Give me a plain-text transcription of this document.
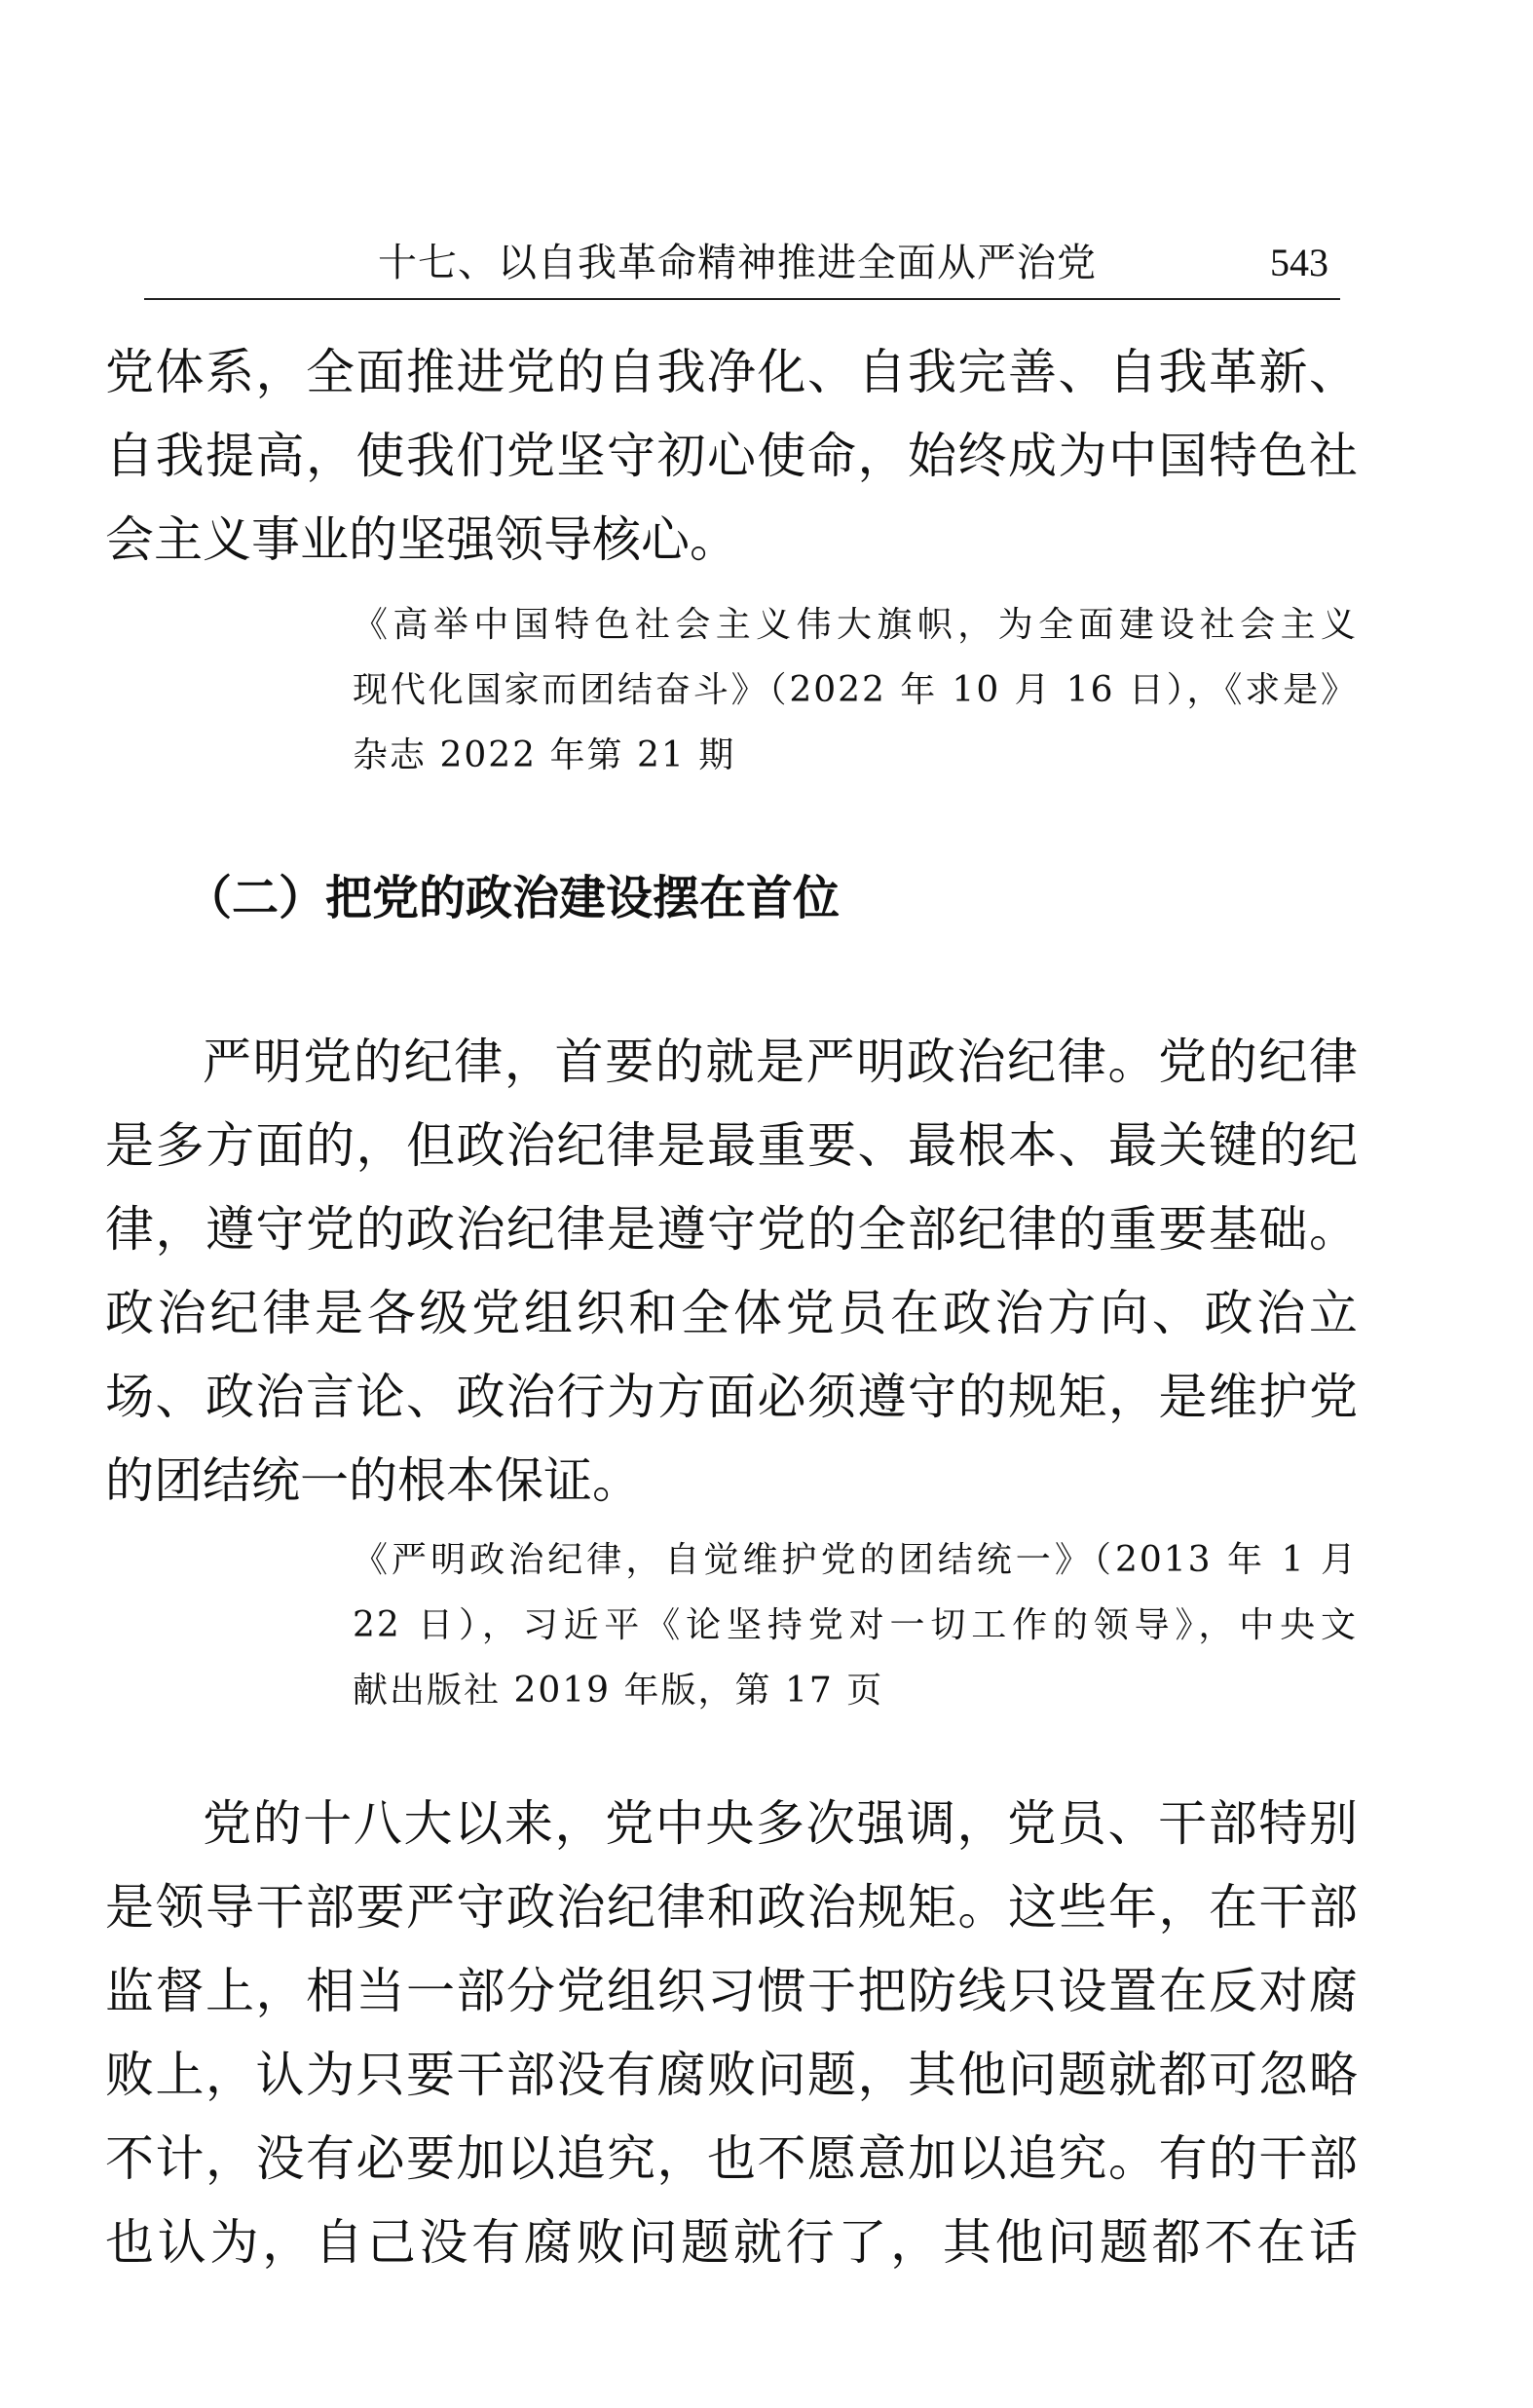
十七、以自我革命精神推进全面从严治党	543
党体系，全面推进党的自我净化、自我完善、自我革新、
自我提高，使我们党坚守初心使命，始终成为中国特色社
会主义事业的坚强领导核心。
《高举中国特色社会主义伟大旗帜，为全面建设社会主义
现代化国家而团结奋斗》（2022 年 10 月 16 日），《求是》
杂志 2022 年第 21 期
（二）把党的政治建设摆在首位
严明党的纪律，首要的就是严明政治纪律。党的纪律
是多方面的，但政治纪律是最重要、最根本、最关键的纪
律，遵守党的政治纪律是遵守党的全部纪律的重要基础。
政治纪律是各级党组织和全体党员在政治方向、政治立
场、政治言论、政治行为方面必须遵守的规矩，是维护党
的团结统一的根本保证。
《严明政治纪律，自觉维护党的团结统一》（2013 年 1 月
22 日），习近平《论坚持党对一切工作的领导》，中央文
献出版社 2019 年版，第 17 页
党的十八大以来，党中央多次强调，党员、干部特别
是领导干部要严守政治纪律和政治规矩。这些年，在干部
监督上，相当一部分党组织习惯于把防线只设置在反对腐
败上，认为只要干部没有腐败问题，其他问题就都可忽略
不计，没有必要加以追究，也不愿意加以追究。有的干部
也认为，自己没有腐败问题就行了，其他问题都不在话
